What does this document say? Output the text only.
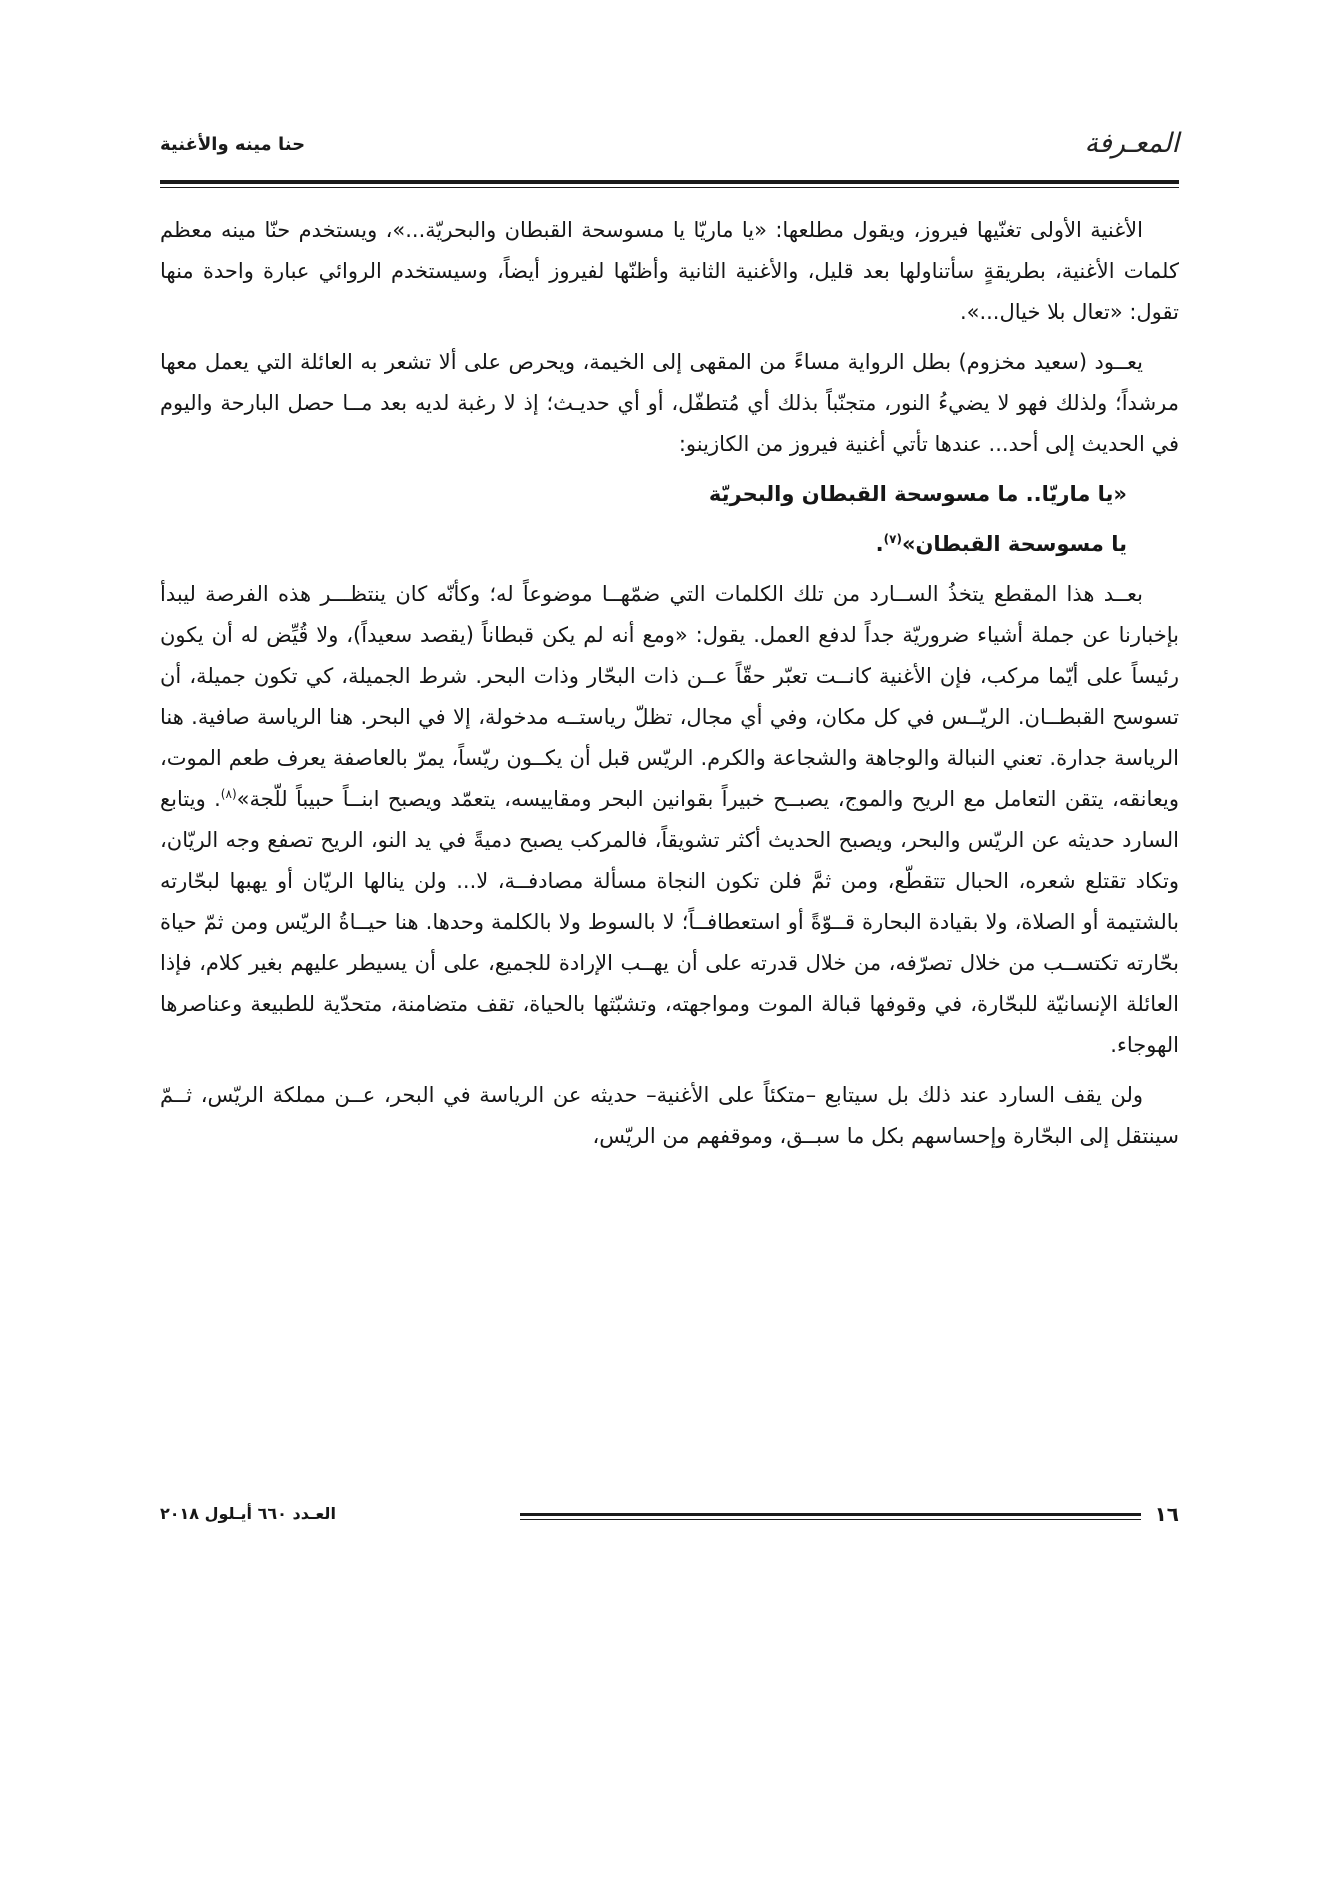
المعـرفة
حنا مينه والأغنية

الأغنية الأولى تغنّيها فيروز، ويقول مطلعها: «يا ماريّا يا مسوسحة القبطان والبحريّة...»، ويستخدم حنّا مينه معظم كلمات الأغنية، بطريقةٍ سأتناولها بعد قليل، والأغنية الثانية وأظنّها لفيروز أيضاً، وسيستخدم الروائي عبارة واحدة منها تقول: «تعال بلا خيال...».

يعــود (سعيد مخزوم) بطل الرواية مساءً من المقهى إلى الخيمة، ويحرص على ألا تشعر به العائلة التي يعمل معها مرشداً؛ ولذلك فهو لا يضيءُ النور، متجنّباً بذلك أي مُتطفّل، أو أي حديـث؛ إذ لا رغبة لديه بعد مــا حصل البارحة واليوم في الحديث إلى أحد... عندها تأتي أغنية فيروز من الكازينو:

«يا ماريّا.. ما مسوسحة القبطان والبحريّة

يا مسوسحة القبطان»$^{(٧)}$.

بعــد هذا المقطع يتخذُ الســارد من تلك الكلمات التي ضمّهــا موضوعاً له؛ وكأنّه كان ينتظـــر هذه الفرصة ليبدأ بإخبارنا عن جملة أشياء ضروريّة جداً لدفع العمل. يقول: «ومع أنه لم يكن قبطاناً (يقصد سعيداً)، ولا قُيِّض له أن يكون رئيساً على أيّما مركب، فإن الأغنية كانــت تعبّر حقّاً عــن ذات البحّار وذات البحر. شرط الجميلة، كي تكون جميلة، أن تسوسح القبطــان. الريّــس في كل مكان، وفي أي مجال، تظلّ رياستــه مدخولة، إلا في البحر. هنا الرياسة صافية. هنا الرياسة جدارة. تعني النبالة والوجاهة والشجاعة والكرم. الريّس قبل أن يكــون ريّساً، يمرّ بالعاصفة يعرف طعم الموت، ويعانقه، يتقن التعامل مع الريح والموج، يصبــح خبيراً بقوانين البحر ومقاييسه، يتعمّد ويصبح ابنــاً حبيباً للّجة»$^{(٨)}$. ويتابع السارد حديثه عن الريّس والبحر، ويصبح الحديث أكثر تشويقاً، فالمركب يصبح دميةً في يد النو، الريح تصفع وجه الريّان، وتكاد تقتلع شعره، الحبال تتقطّع، ومن ثمَّ فلن تكون النجاة مسألة مصادفــة، لا... ولن ينالها الريّان أو يهبها لبحّارته بالشتيمة أو الصلاة، ولا بقيادة البحارة قــوّةً أو استعطافــاً؛ لا بالسوط ولا بالكلمة وحدها. هنا حيــاةُ الريّس ومن ثمّ حياة بحّارته تكتســب من خلال تصرّفه، من خلال قدرته على أن يهــب الإرادة للجميع، على أن يسيطر عليهم بغير كلام، فإذا العائلة الإنسانيّة للبحّارة، في وقوفها قبالة الموت ومواجهته، وتشبّثها بالحياة، تقف متضامنة، متحدّية للطبيعة وعناصرها الهوجاء.

ولن يقف السارد عند ذلك بل سيتابع –متكئاً على الأغنية– حديثه عن الرياسة في البحر، عــن مملكة الريّس، ثــمّ سينتقل إلى البحّارة وإحساسهم بكل ما سبــق، وموقفهم من الريّس،

١٦
العـدد ٦٦٠ أيـلول ٢٠١٨
